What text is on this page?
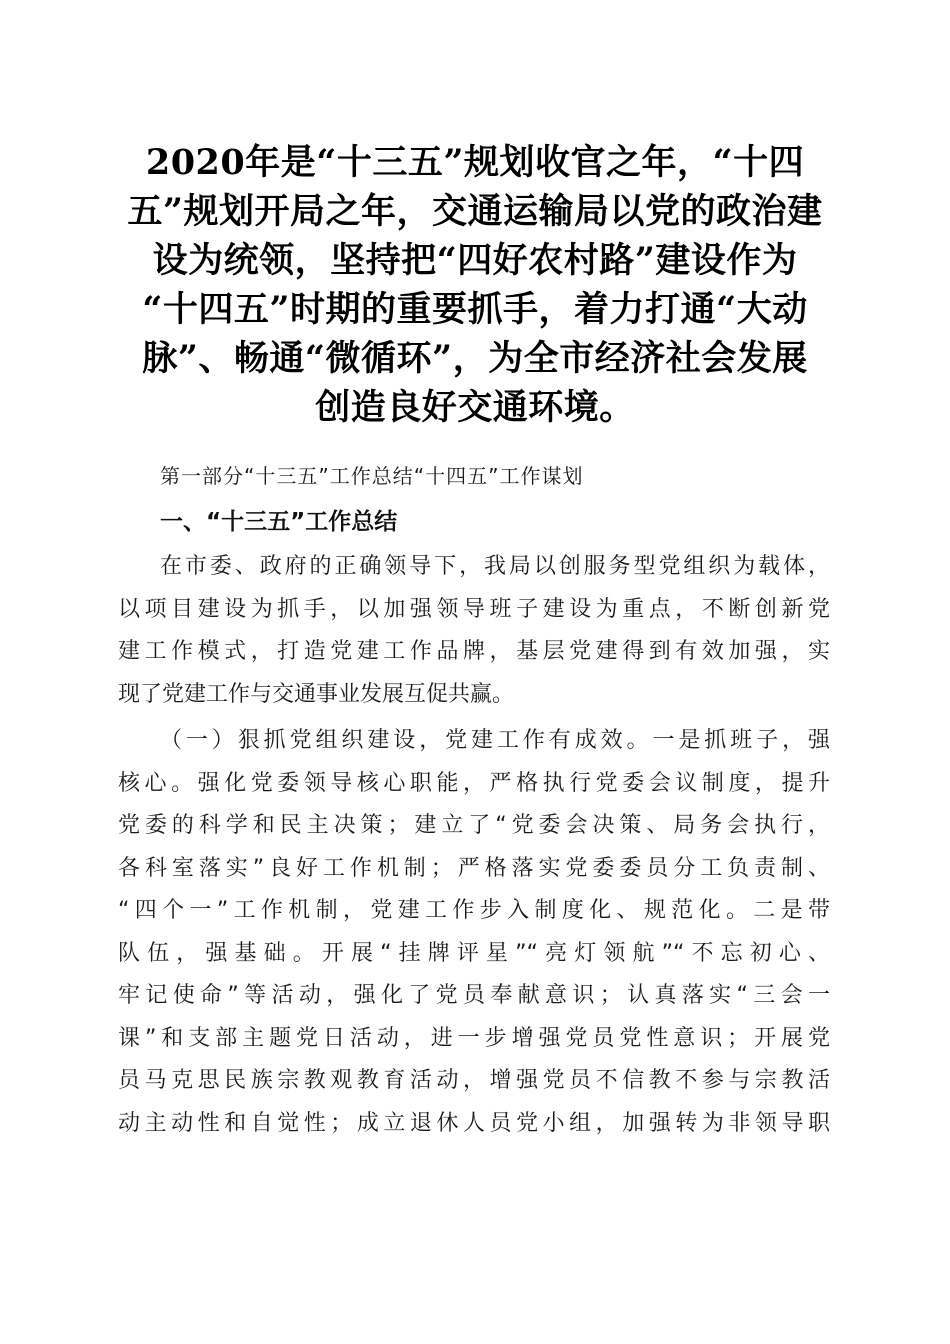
2020年是“十三五”规划收官之年，“十四
五”规划开局之年，交通运输局以党的政治建
设为统领，坚持把“四好农村路”建设作为
“十四五”时期的重要抓手，着力打通“大动
脉”、畅通“微循环”，为全市经济社会发展
创造良好交通环境。
第一部分“十三五”工作总结“十四五”工作谋划
一、“十三五”工作总结
在市委、政府的正确领导下，我局以创服务型党组织为载体，
以项目建设为抓手，以加强领导班子建设为重点，不断创新党
建工作模式，打造党建工作品牌，基层党建得到有效加强，实
现了党建工作与交通事业发展互促共赢。
（一）狠抓党组织建设，党建工作有成效。一是抓班子，强
核心。强化党委领导核心职能，严格执行党委会议制度，提升
党委的科学和民主决策；建立了“党委会决策、局务会执行，
各科室落实”良好工作机制；严格落实党委委员分工负责制、
“四个一”工作机制，党建工作步入制度化、规范化。二是带
队伍，强基础。开展“挂牌评星”“亮灯领航”“不忘初心、
牢记使命”等活动，强化了党员奉献意识；认真落实“三会一
课”和支部主题党日活动，进一步增强党员党性意识；开展党
员马克思民族宗教观教育活动，增强党员不信教不参与宗教活
动主动性和自觉性；成立退休人员党小组，加强转为非领导职
